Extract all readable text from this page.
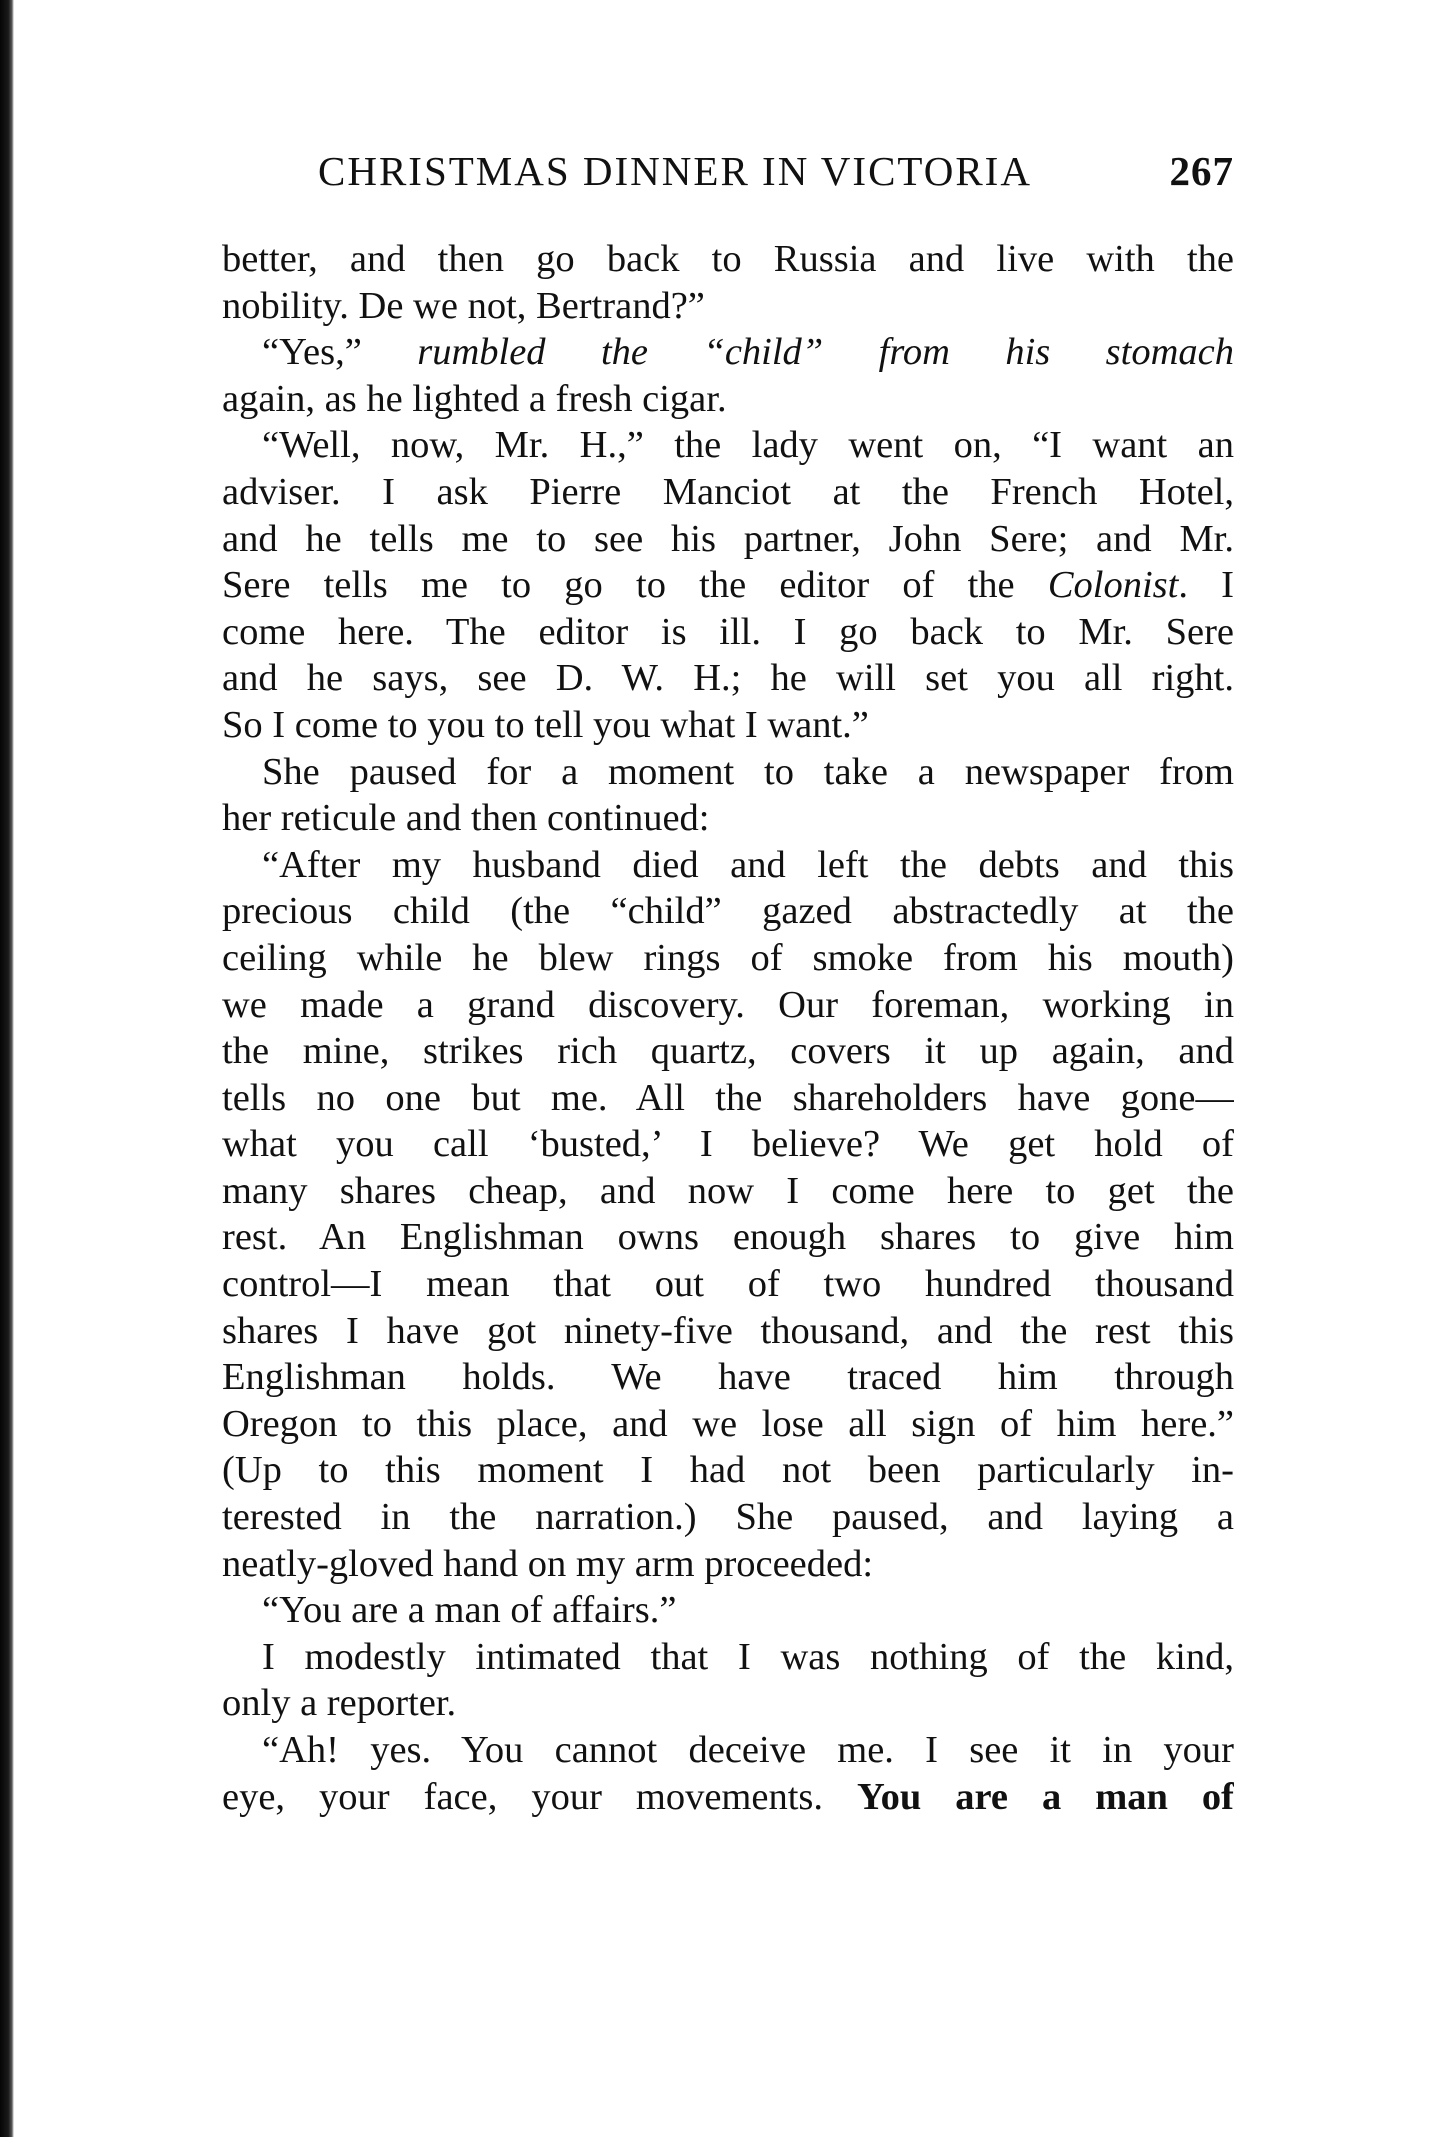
CHRISTMAS DINNER IN VICTORIA	267
better, and then go back to Russia and live with the
nobility. De we not, Bertrand?”
“Yes,” rumbled the “child” from his stomach
again, as he lighted a fresh cigar.
“Well, now, Mr. H.,” the lady went on, “I want an
adviser. I ask Pierre Manciot at the French Hotel,
and he tells me to see his partner, John Sere; and Mr.
Sere tells me to go to the editor of the Colonist. I
come here. The editor is ill. I go back to Mr. Sere
and he says, see D. W. H.; he will set you all right.
So I come to you to tell you what I want.”
She paused for a moment to take a newspaper from
her reticule and then continued:
“After my husband died and left the debts and this
precious child (the “child” gazed abstractedly at the
ceiling while he blew rings of smoke from his mouth)
we made a grand discovery. Our foreman, working in
the mine, strikes rich quartz, covers it up again, and
tells no one but me. All the shareholders have gone—
what you call ‘busted,’ I believe? We get hold of
many shares cheap, and now I come here to get the
rest. An Englishman owns enough shares to give him
control—I mean that out of two hundred thousand
shares I have got ninety-five thousand, and the rest this
Englishman holds. We have traced him through
Oregon to this place, and we lose all sign of him here.”
(Up to this moment I had not been particularly in-
terested in the narration.) She paused, and laying a
neatly-gloved hand on my arm proceeded:
“You are a man of affairs.”
I modestly intimated that I was nothing of the kind,
only a reporter.
“Ah! yes. You cannot deceive me. I see it in your
eye, your face, your movements. You are a man of
